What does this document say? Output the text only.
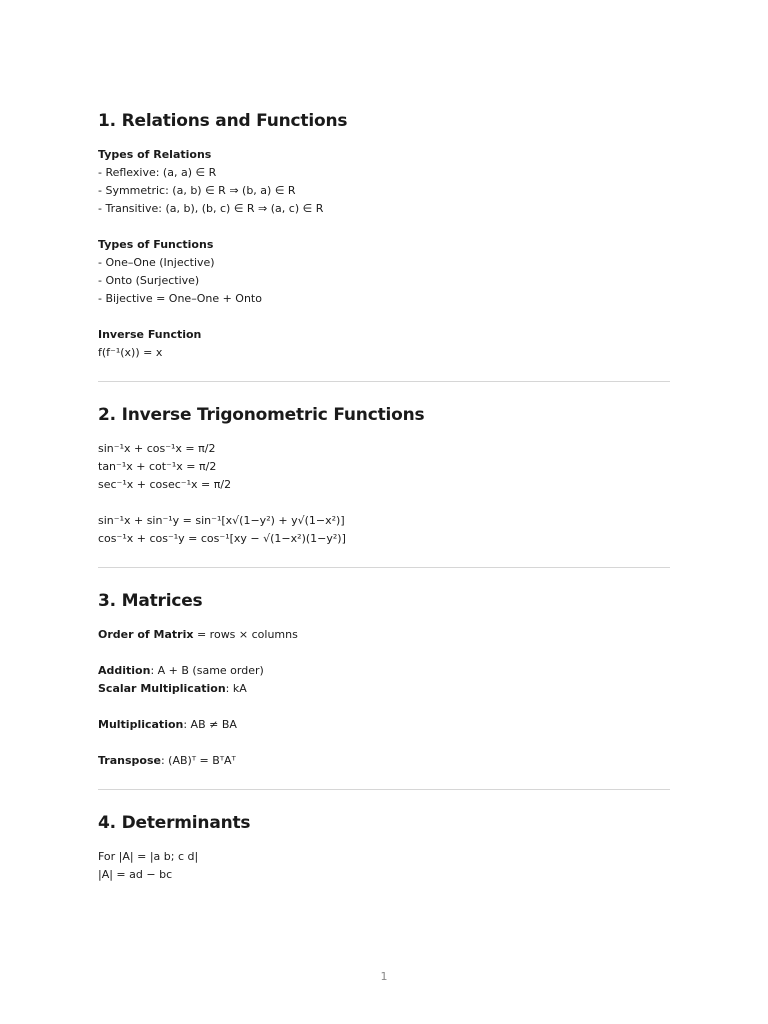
1. Relations and Functions
Types of Relations
- Reflexive: (a, a) ∈ R
- Symmetric: (a, b) ∈ R ⇒ (b, a) ∈ R
- Transitive: (a, b), (b, c) ∈ R ⇒ (a, c) ∈ R
Types of Functions
- One–One (Injective)
- Onto (Surjective)
- Bijective = One–One + Onto
Inverse Function
f(f⁻¹(x)) = x
2. Inverse Trigonometric Functions
sin⁻¹x + cos⁻¹x = π/2
tan⁻¹x + cot⁻¹x = π/2
sec⁻¹x + cosec⁻¹x = π/2
sin⁻¹x + sin⁻¹y = sin⁻¹[x√(1−y²) + y√(1−x²)]
cos⁻¹x + cos⁻¹y = cos⁻¹[xy − √(1−x²)(1−y²)]
3. Matrices
Order of Matrix = rows × columns
Addition: A + B (same order)
Scalar Multiplication: kA
Multiplication: AB ≠ BA
Transpose: (AB)ᵀ = BᵀAᵀ
4. Determinants
For |A| = |a b; c d|
|A| = ad − bc
1
